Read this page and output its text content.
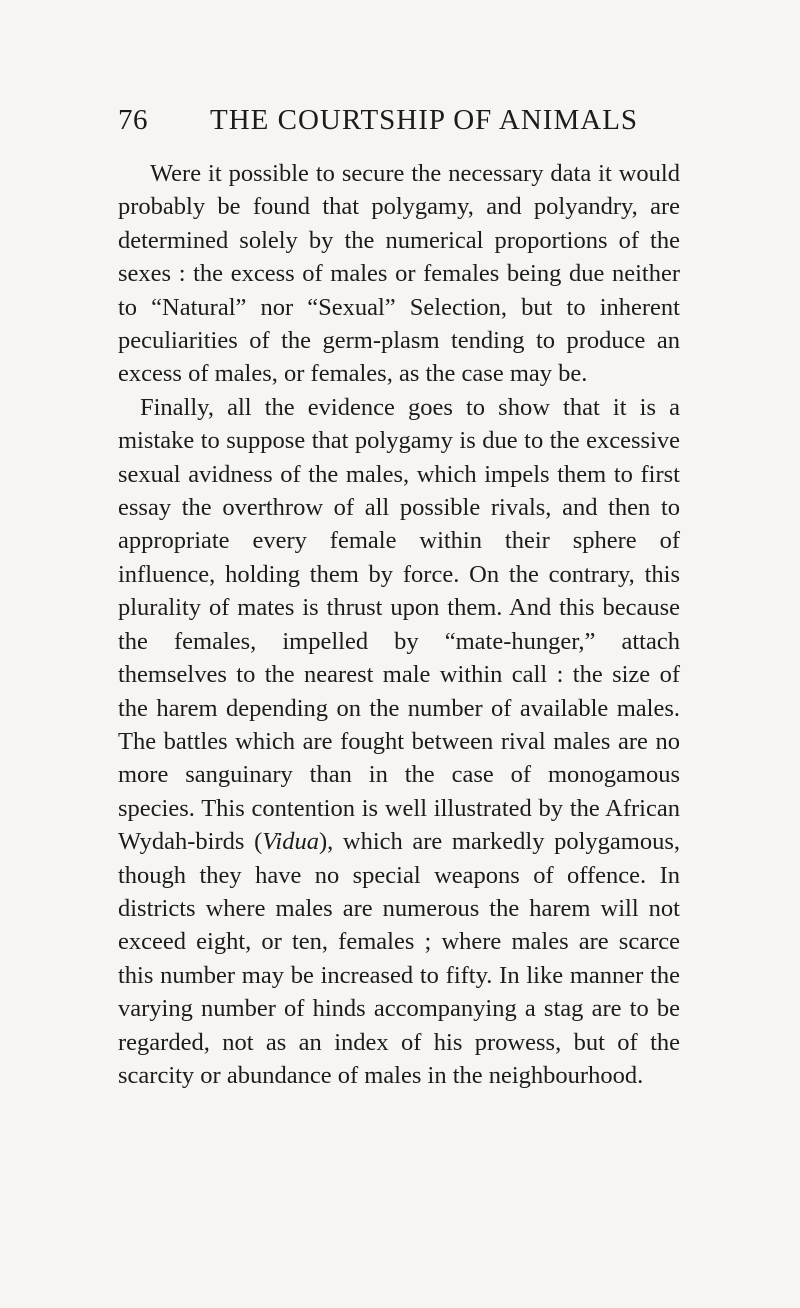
76 THE COURTSHIP OF ANIMALS

Were it possible to secure the necessary data it would probably be found that polygamy, and polyandry, are determined solely by the numerical proportions of the sexes : the excess of males or females being due neither to “Natural” nor “Sexual” Selection, but to inherent peculiarities of the germ-plasm tending to produce an excess of males, or females, as the case may be.

Finally, all the evidence goes to show that it is a mistake to suppose that polygamy is due to the excessive sexual avidness of the males, which impels them to first essay the overthrow of all possible rivals, and then to appropriate every female within their sphere of influence, holding them by force. On the contrary, this plurality of mates is thrust upon them. And this because the females, impelled by “mate-hunger,” attach themselves to the nearest male within call : the size of the harem depending on the number of available males. The battles which are fought between rival males are no more sanguinary than in the case of monogamous species. This contention is well illustrated by the African Wydah-birds (Vidua), which are markedly polygamous, though they have no special weapons of offence. In districts where males are numerous the harem will not exceed eight, or ten, females ; where males are scarce this number may be increased to fifty. In like manner the varying number of hinds accompanying a stag are to be regarded, not as an index of his prowess, but of the scarcity or abundance of males in the neighbourhood.
